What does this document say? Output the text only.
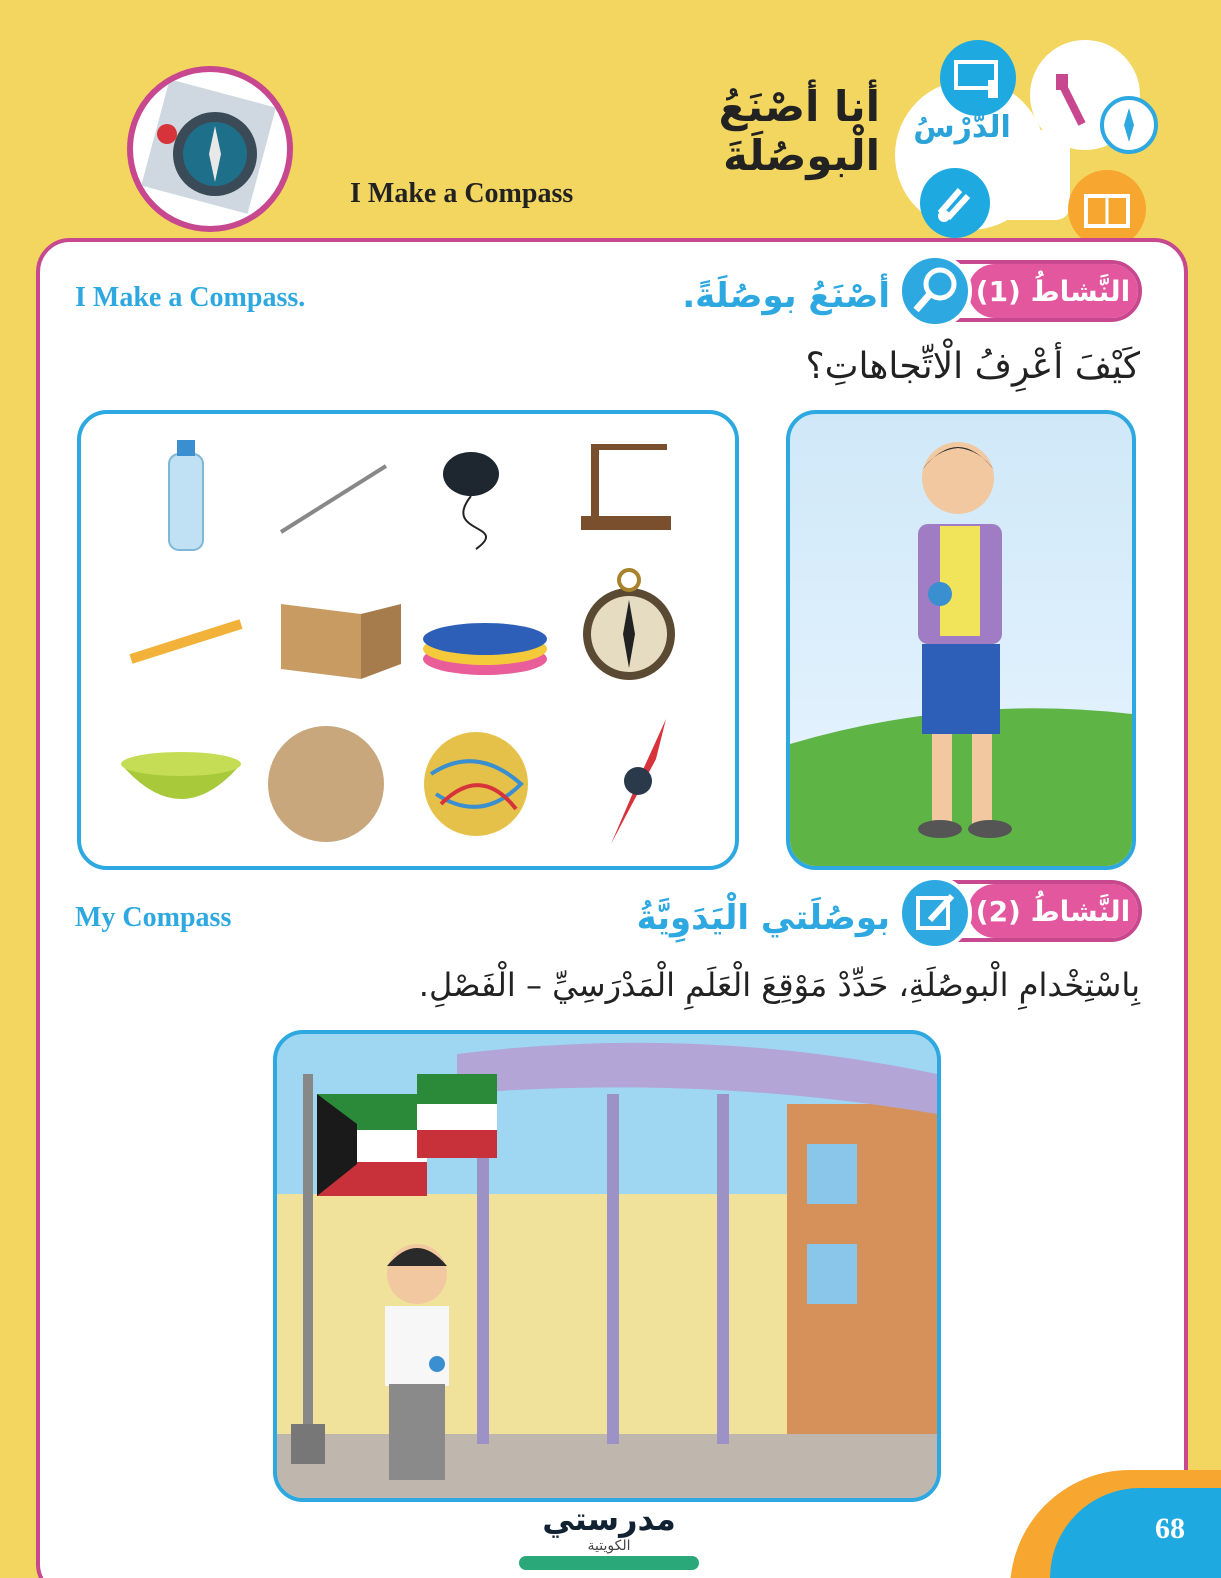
الدَّرْسُ
أنا أصْنَعُ الْبوصُلَةَ
I Make a Compass
النَّشاطُ (1)
أصْنَعُ بوصُلَةً.
I Make a Compass.
كَيْفَ أعْرِفُ الْاتِّجاهاتِ؟
النَّشاطُ (2)
بوصُلَتي الْيَدَوِيَّةُ
My Compass
بِاسْتِخْدامِ الْبوصُلَةِ، حَدِّدْ مَوْقِعَ الْعَلَمِ الْمَدْرَسِيِّ – الْفَصْلِ.
68
مدرستي
الكويتية
